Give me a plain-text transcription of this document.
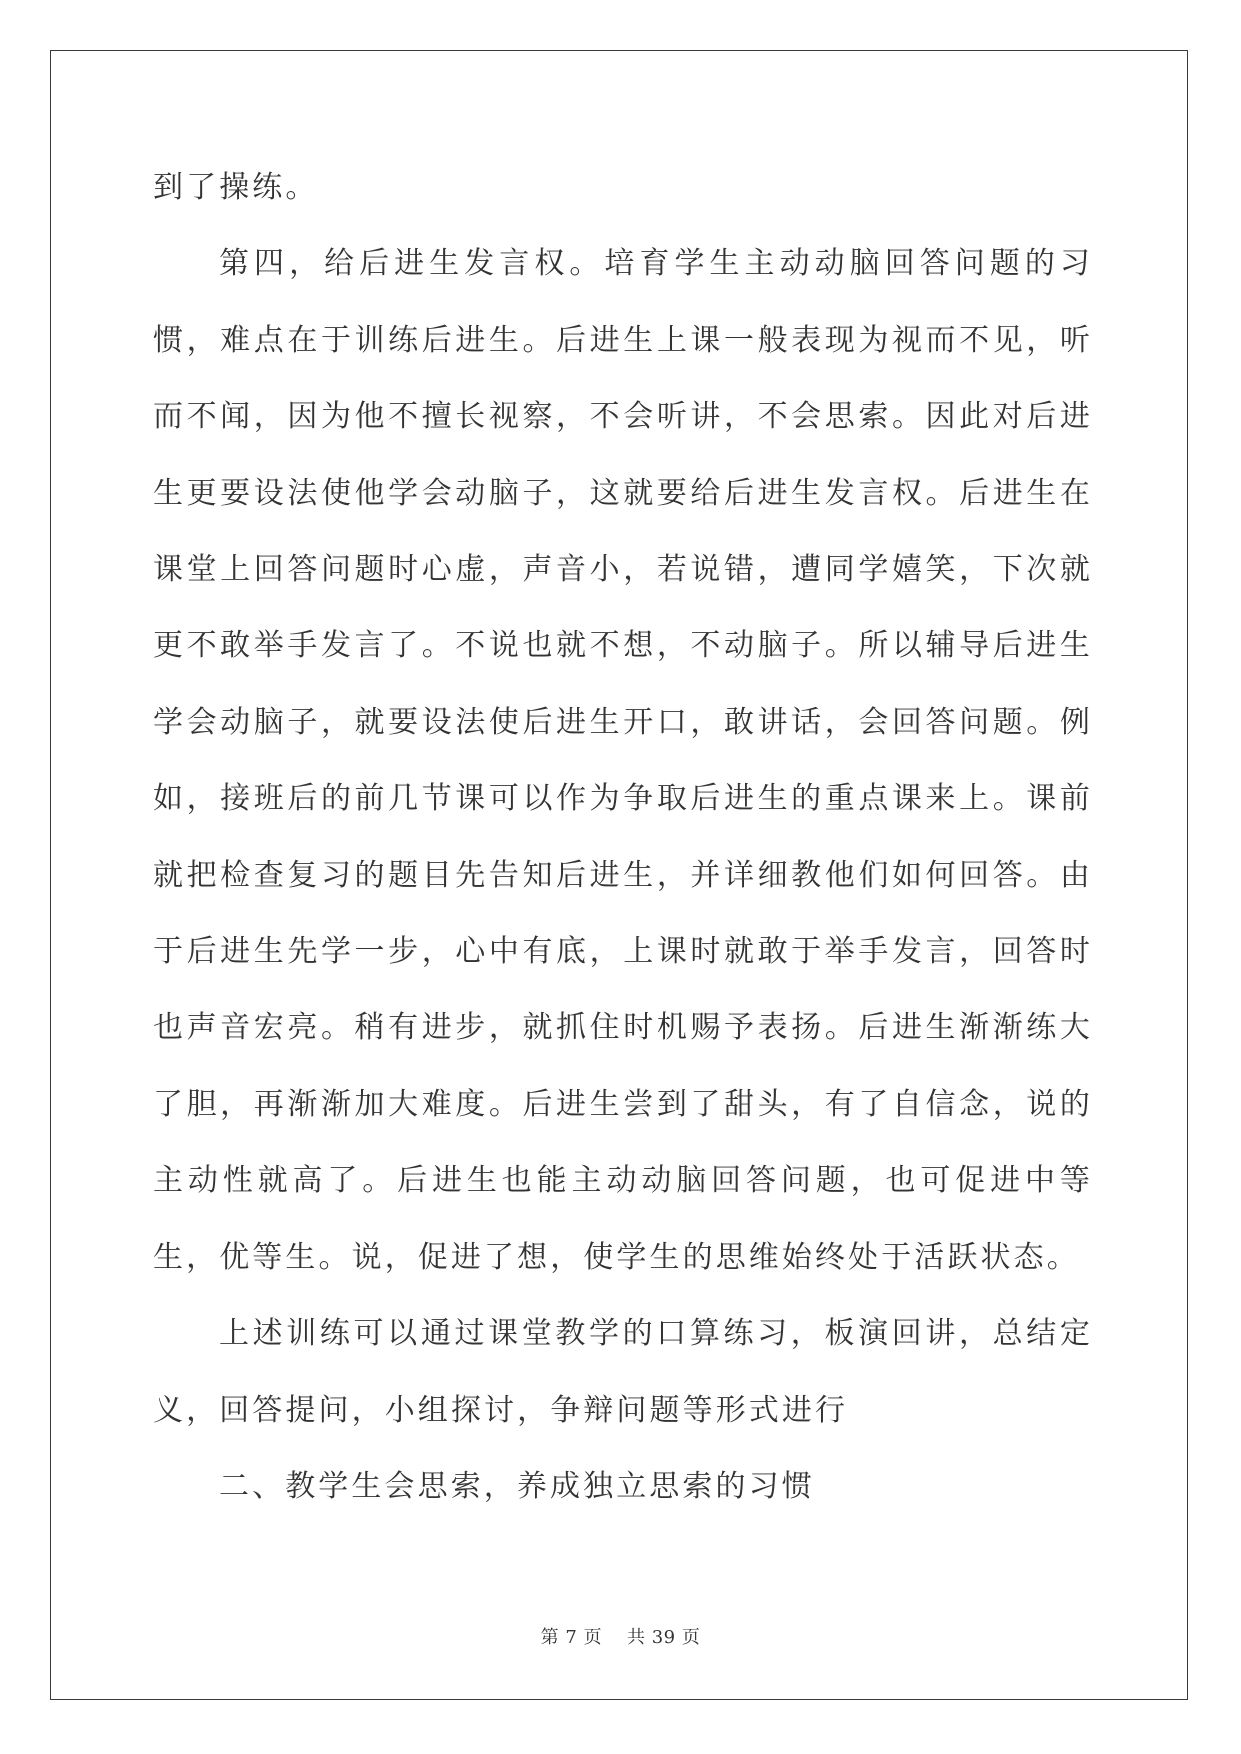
到了操练。

第四，给后进生发言权。培育学生主动动脑回答问题的习惯，难点在于训练后进生。后进生上课一般表现为视而不见，听而不闻，因为他不擅长视察，不会听讲，不会思索。因此对后进生更要设法使他学会动脑子，这就要给后进生发言权。后进生在课堂上回答问题时心虚，声音小，若说错，遭同学嬉笑，下次就更不敢举手发言了。不说也就不想，不动脑子。所以辅导后进生学会动脑子，就要设法使后进生开口，敢讲话，会回答问题。例如，接班后的前几节课可以作为争取后进生的重点课来上。课前就把检查复习的题目先告知后进生，并详细教他们如何回答。由于后进生先学一步，心中有底，上课时就敢于举手发言，回答时也声音宏亮。稍有进步，就抓住时机赐予表扬。后进生渐渐练大了胆，再渐渐加大难度。后进生尝到了甜头，有了自信念，说的主动性就高了。后进生也能主动动脑回答问题，也可促进中等生，优等生。说，促进了想，使学生的思维始终处于活跃状态。

上述训练可以通过课堂教学的口算练习，板演回讲，总结定义，回答提问，小组探讨，争辩问题等形式进行

二、教学生会思索，养成独立思索的习惯

第 7 页 共 39 页
